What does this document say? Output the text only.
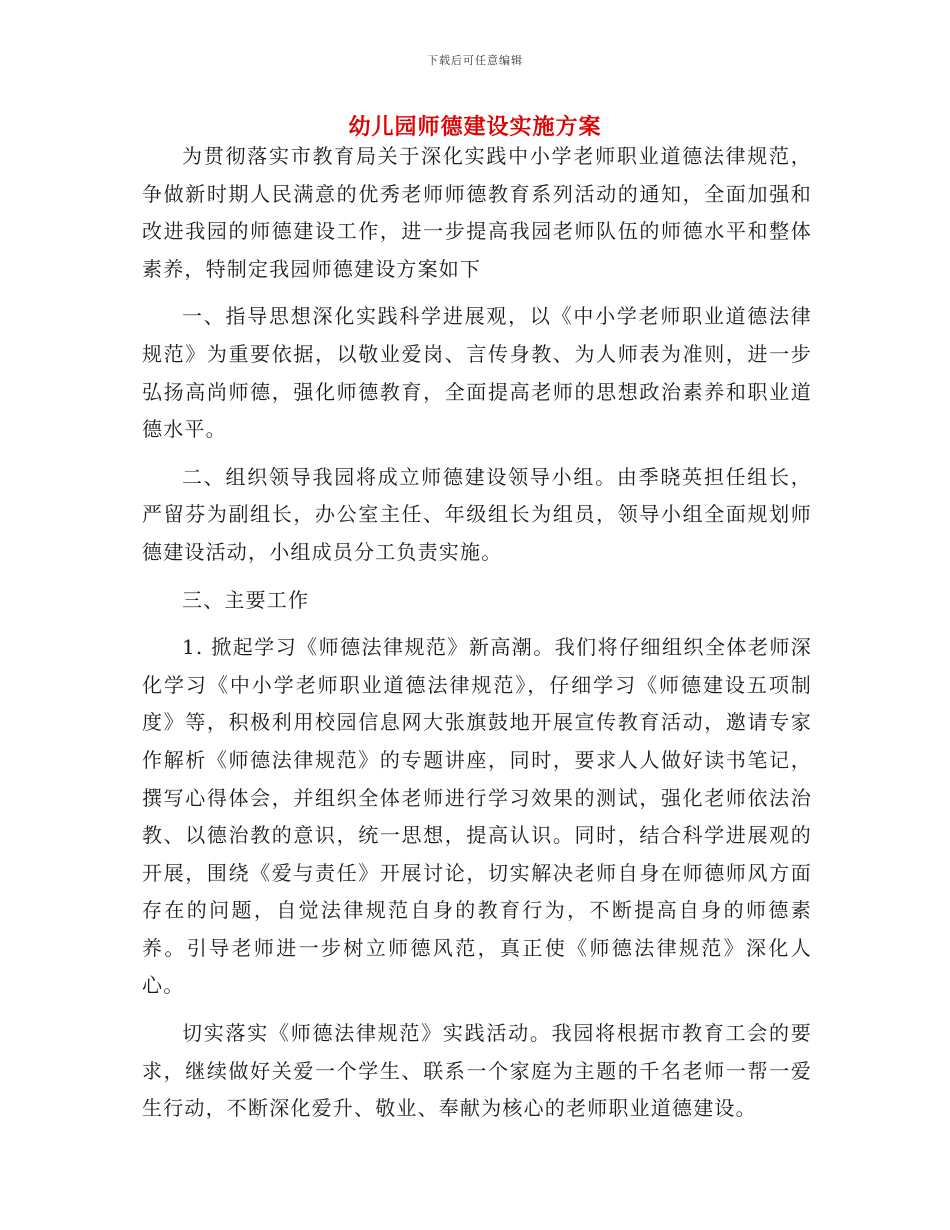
下载后可任意编辑
幼儿园师德建设实施方案

为贯彻落实市教育局关于深化实践中小学老师职业道德法律规范，争做新时期人民满意的优秀老师师德教育系列活动的通知，全面加强和改进我园的师德建设工作，进一步提高我园老师队伍的师德水平和整体素养，特制定我园师德建设方案如下

一、指导思想深化实践科学进展观，以《中小学老师职业道德法律规范》为重要依据，以敬业爱岗、言传身教、为人师表为准则，进一步弘扬高尚师德，强化师德教育，全面提高老师的思想政治素养和职业道德水平。

二、组织领导我园将成立师德建设领导小组。由季晓英担任组长，严留芬为副组长，办公室主任、年级组长为组员，领导小组全面规划师德建设活动，小组成员分工负责实施。

三、主要工作

1. 掀起学习《师德法律规范》新高潮。我们将仔细组织全体老师深化学习《中小学老师职业道德法律规范》，仔细学习《师德建设五项制度》等，积极利用校园信息网大张旗鼓地开展宣传教育活动，邀请专家作解析《师德法律规范》的专题讲座，同时，要求人人做好读书笔记，撰写心得体会，并组织全体老师进行学习效果的测试，强化老师依法治教、以德治教的意识，统一思想，提高认识。同时，结合科学进展观的开展，围绕《爱与责任》开展讨论，切实解决老师自身在师德师风方面存在的问题，自觉法律规范自身的教育行为，不断提高自身的师德素养。引导老师进一步树立师德风范，真正使《师德法律规范》深化人心。

切实落实《师德法律规范》实践活动。我园将根据市教育工会的要求，继续做好关爱一个学生、联系一个家庭为主题的千名老师一帮一爱生行动，不断深化爱升、敬业、奉献为核心的老师职业道德建设。
